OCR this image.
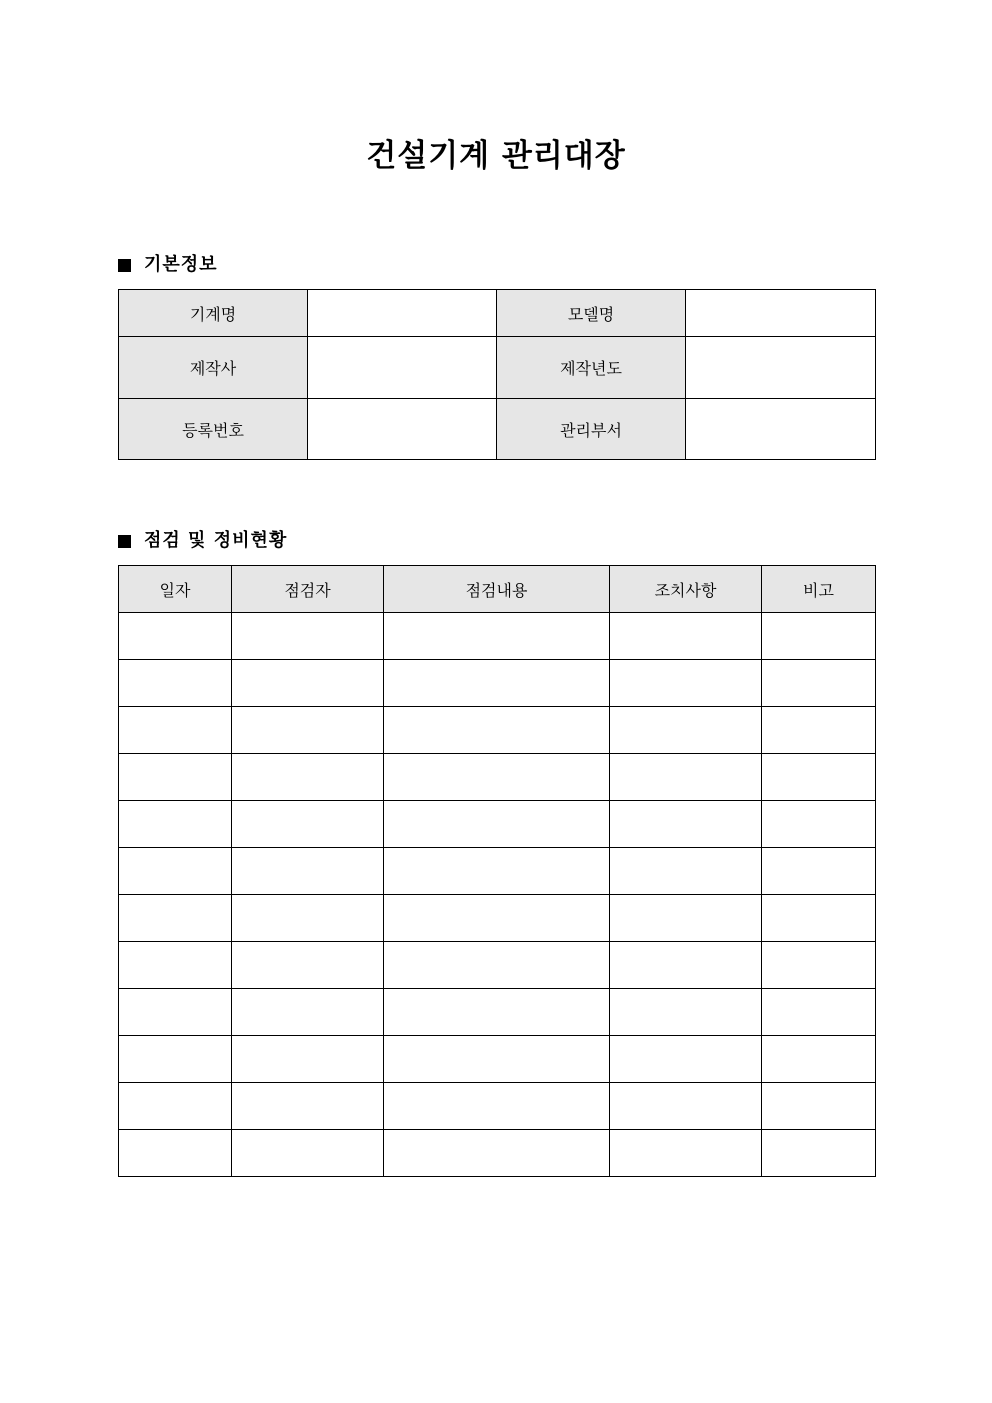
건설기계 관리대장
기본정보
기계명		모델명	
제작사		제작년도	
등록번호		관리부서	
점검 및 정비현황
일자	점검자	점검내용	조치사항	비고
